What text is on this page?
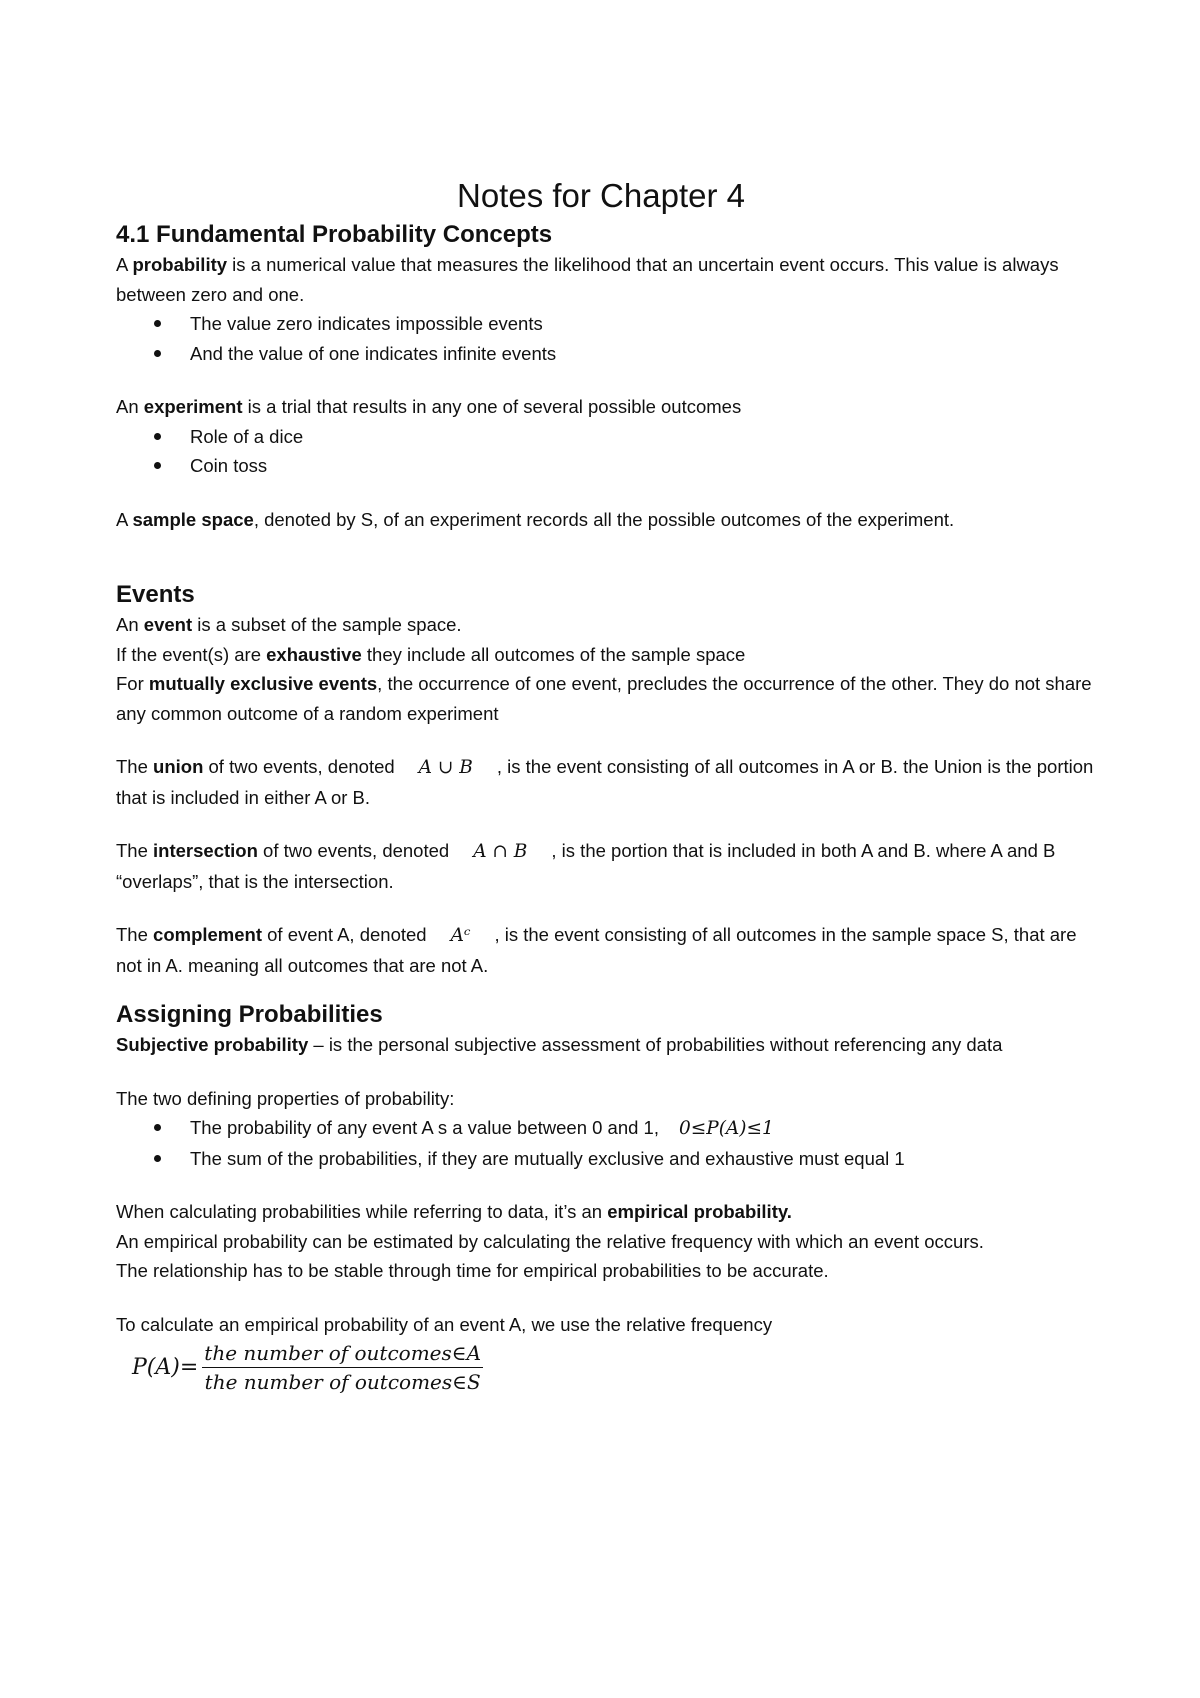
Notes for Chapter 4
4.1 Fundamental Probability Concepts

A probability is a numerical value that measures the likelihood that an uncertain event occurs. This value is always between zero and one.

The value zero indicates impossible events
And the value of one indicates infinite events

An experiment is a trial that results in any one of several possible outcomes

Role of a dice
Coin toss

A sample space, denoted by S, of an experiment records all the possible outcomes of the experiment.

Events

An event is a subset of the sample space.

If the event(s) are exhaustive they include all outcomes of the sample space

For mutually exclusive events, the occurrence of one event, precludes the occurrence of the other. They do not share any common outcome of a random experiment

The union of two events, denoted A ∪ B , is the event consisting of all outcomes in A or B. the Union is the portion that is included in either A or B.

The intersection of two events, denoted A ∩ B , is the portion that is included in both A and B. where A and B “overlaps”, that is the intersection.

The complement of event A, denoted Aᶜ , is the event consisting of all outcomes in the sample space S, that are not in A. meaning all outcomes that are not A.

Assigning Probabilities

Subjective probability – is the personal subjective assessment of probabilities without referencing any data

The two defining properties of probability:

The probability of any event A s a value between 0 and 1, 0≤P(A)≤1
The sum of the probabilities, if they are mutually exclusive and exhaustive must equal 1

When calculating probabilities while referring to data, it’s an empirical probability.

An empirical probability can be estimated by calculating the relative frequency with which an event occurs.

The relationship has to be stable through time for empirical probabilities to be accurate.

To calculate an empirical probability of an event A, we use the relative frequency

$P(A)= \frac{\text{the number of outcomes∈A}}{\text{the number of outcomes∈S}}$
